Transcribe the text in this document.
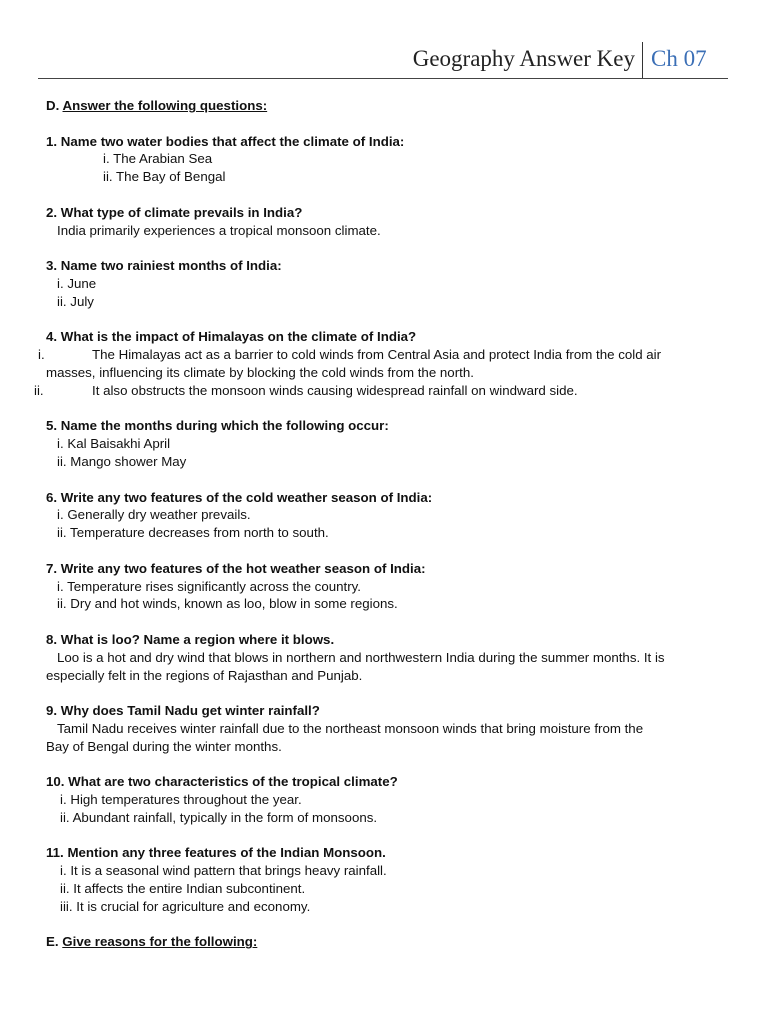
Geography Answer Key Ch 07
D. Answer the following questions:
1. Name two water bodies that affect the climate of India:
i. The Arabian Sea
ii. The Bay of Bengal
2. What type of climate prevails in India?
India primarily experiences a tropical monsoon climate.
3. Name two rainiest months of India:
i. June
ii. July
4. What is the impact of Himalayas on the climate of India?
i.	The Himalayas act as a barrier to cold winds from Central Asia and protect India from the cold air
masses, influencing its climate by blocking the cold winds from the north.
ii.	It also obstructs the monsoon winds causing widespread rainfall on windward side.
5. Name the months during which the following occur:
i. Kal Baisakhi April
ii. Mango shower May
6. Write any two features of the cold weather season of India:
i. Generally dry weather prevails.
ii. Temperature decreases from north to south.
7. Write any two features of the hot weather season of India:
i. Temperature rises significantly across the country.
ii. Dry and hot winds, known as loo, blow in some regions.
8. What is loo? Name a region where it blows.
Loo is a hot and dry wind that blows in northern and northwestern India during the summer months. It is
especially felt in the regions of Rajasthan and Punjab.
9. Why does Tamil Nadu get winter rainfall?
Tamil Nadu receives winter rainfall due to the northeast monsoon winds that bring moisture from the
Bay of Bengal during the winter months.
10. What are two characteristics of the tropical climate?
i. High temperatures throughout the year.
ii. Abundant rainfall, typically in the form of monsoons.
11. Mention any three features of the Indian Monsoon.
i. It is a seasonal wind pattern that brings heavy rainfall.
ii. It affects the entire Indian subcontinent.
iii. It is crucial for agriculture and economy.
E. Give reasons for the following:
